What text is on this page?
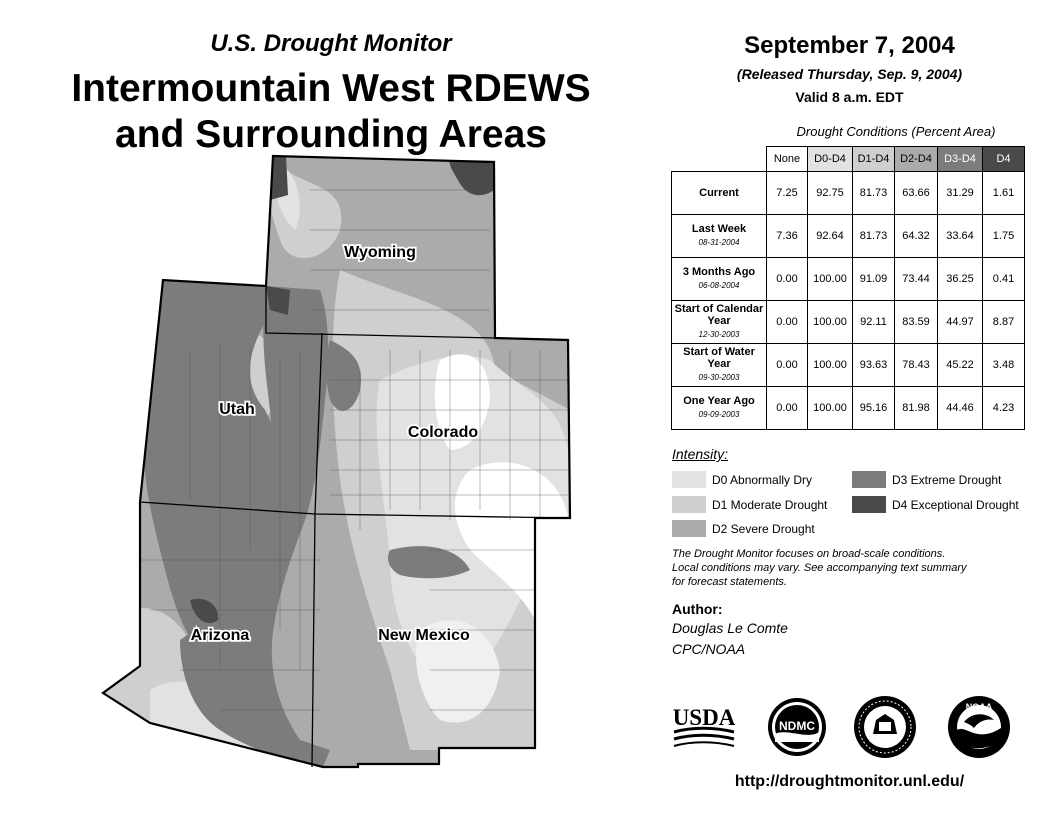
U.S. Drought Monitor
Intermountain West RDEWS
and Surrounding Areas
Wyoming
Utah
Colorado
Arizona	New Mexico
September 7, 2004
(Released Thursday, Sep. 9, 2004)
Valid 8 a.m. EDT
Drought Conditions (Percent Area)
	None	D0-D4	D1-D4	D2-D4	D3-D4	D4
Current	7.25	92.75	81.73	63.66	31.29	1.61
Last Week
08-31-2004	7.36	92.64	81.73	64.32	33.64	1.75
3 Months Ago
06-08-2004	0.00	100.00	91.09	73.44	36.25	0.41
Start of Calendar Year
12-30-2003	0.00	100.00	92.11	83.59	44.97	8.87
Start of Water Year
09-30-2003	0.00	100.00	93.63	78.43	45.22	3.48
One Year Ago
09-09-2003	0.00	100.00	95.16	81.98	44.46	4.23
Intensity:
D0 Abnormally Dry
D1 Moderate Drought
D2 Severe Drought
D3 Extreme Drought
D4 Exceptional Drought
The Drought Monitor focuses on broad-scale conditions.
Local conditions may vary. See accompanying text summary
for forecast statements.
Author:
Douglas Le Comte
CPC/NOAA
USDA	NDMC
NOAA
http://droughtmonitor.unl.edu/
